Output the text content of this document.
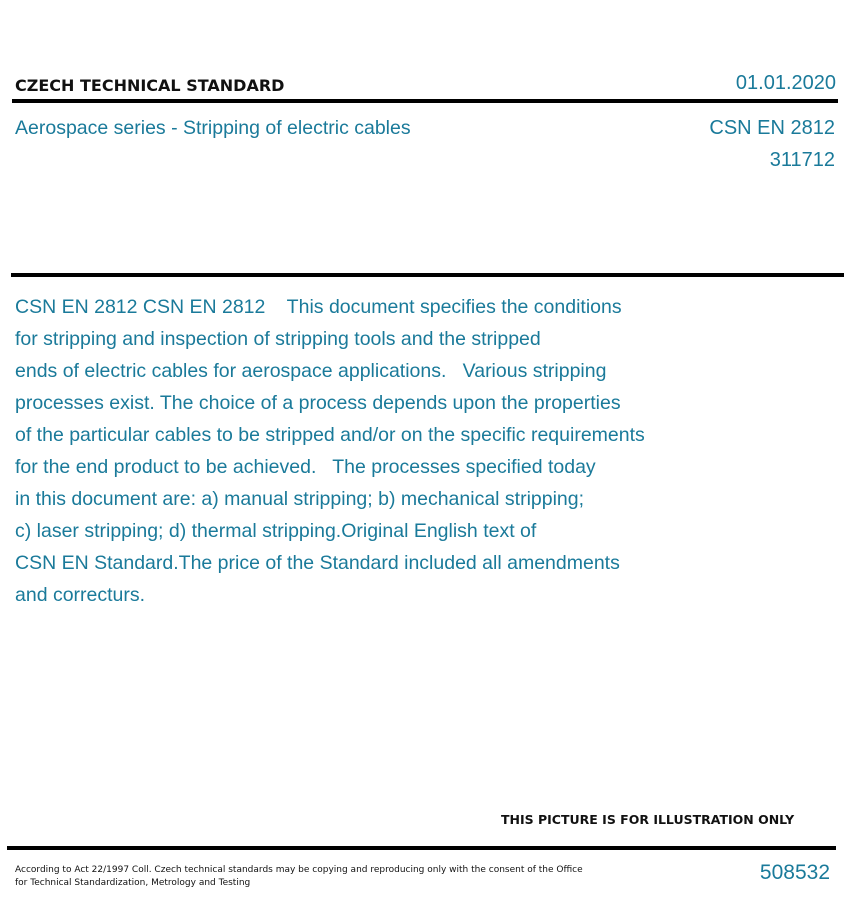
CZECH TECHNICAL STANDARD	01.01.2020
Aerospace series - Stripping of electric cables	CSN EN 2812
311712
CSN EN 2812 CSN EN 2812    This document specifies the conditions
for stripping and inspection of stripping tools and the stripped
ends of electric cables for aerospace applications.   Various stripping
processes exist. The choice of a process depends upon the properties
of the particular cables to be stripped and/or on the specific requirements
for the end product to be achieved.   The processes specified today
in this document are: a) manual stripping; b) mechanical stripping;
c) laser stripping; d) thermal stripping.Original English text of
CSN EN Standard.The price of the Standard included all amendments
and correcturs.
THIS PICTURE IS FOR ILLUSTRATION ONLY
According to Act 22/1997 Coll. Czech technical standards may be copying and reproducing only with the consent of the Office
for Technical Standardization, Metrology and Testing	508532
